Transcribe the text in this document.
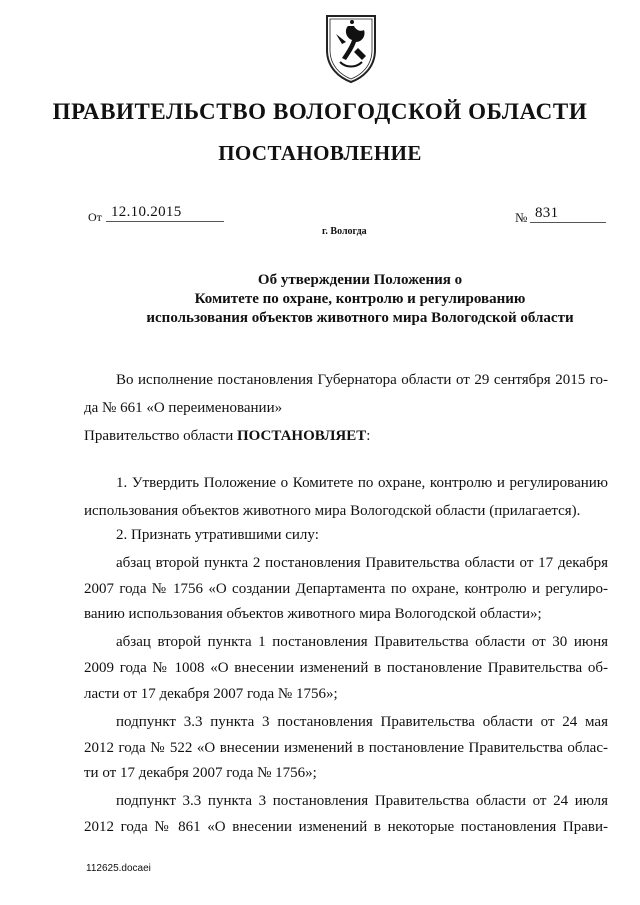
ПРАВИТЕЛЬСТВО ВОЛОГОДСКОЙ ОБЛАСТИ
ПОСТАНОВЛЕНИЕ
От 12.10.2015	№ 831
г. Вологда
Об утверждении Положения о
Комитете по охране, контролю и регулированию
использования объектов животного мира Вологодской области
Во исполнение постановления Губернатора области от 29 сентября 2015 го-
да № 661 «О переименовании»
Правительство области ПОСТАНОВЛЯЕТ:
1. Утвердить Положение о Комитете по охране, контролю и регулированию
использования объектов животного мира Вологодской области (прилагается).
2. Признать утратившими силу:
абзац второй пункта 2 постановления Правительства области от 17 декабря
2007 года № 1756 «О создании Департамента по охране, контролю и регулиро-
ванию использования объектов животного мира Вологодской области»;
абзац второй пункта 1 постановления Правительства области от 30 июня
2009 года № 1008 «О внесении изменений в постановление Правительства об-
ласти от 17 декабря 2007 года № 1756»;
подпункт 3.3 пункта 3 постановления Правительства области от 24 мая
2012 года № 522 «О внесении изменений в постановление Правительства облас-
ти от 17 декабря 2007 года № 1756»;
подпункт 3.3 пункта 3 постановления Правительства области от 24 июля
2012 года № 861 «О внесении изменений в некоторые постановления Прави-
112625.docaei
